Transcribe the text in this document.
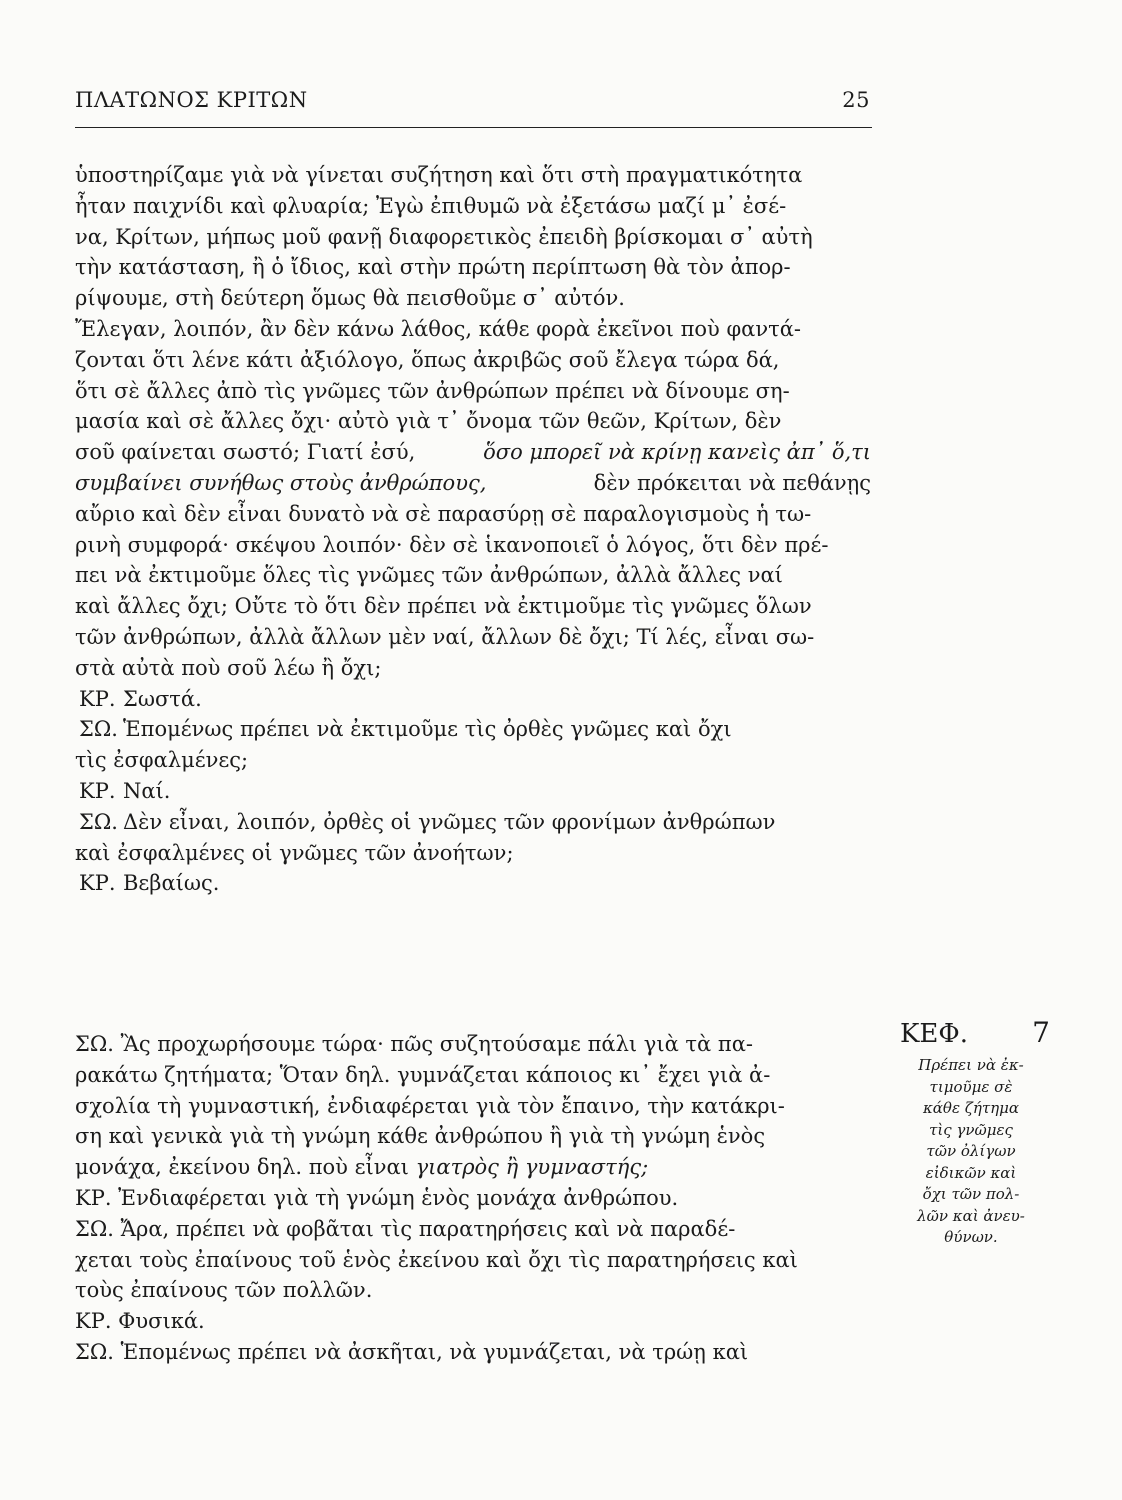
ΠΛΑΤΩΝΟΣ ΚΡΙΤΩΝ	25
ὑποστηρίζαμε γιὰ νὰ γίνεται συζήτηση καὶ ὅτι στὴ πραγματικότητα
ἦταν παιχνίδι καὶ φλυαρία; Ἐγὼ ἐπιθυμῶ νὰ ἐξετάσω μαζί μ᾽ ἐσέ-
να, Κρίτων, μήπως μοῦ φανῇ διαφορετικὸς ἐπειδὴ βρίσκομαι σ᾽ αὐτὴ
τὴν κατάσταση, ἢ ὁ ἴδιος, καὶ στὴν πρώτη περίπτωση θὰ τὸν ἀπορ-
ρίψουμε, στὴ δεύτερη ὅμως θὰ πεισθοῦμε σ᾽ αὐτόν.
Ἔλεγαν, λοιπόν, ἂν δὲν κάνω λάθος, κάθε φορὰ ἐκεῖνοι ποὺ φαντά-
ζονται ὅτι λένε κάτι ἀξιόλογο, ὅπως ἀκριβῶς σοῦ ἔλεγα τώρα δά,
ὅτι σὲ ἄλλες ἀπὸ τὶς γνῶμες τῶν ἀνθρώπων πρέπει νὰ δίνουμε ση-
μασία καὶ σὲ ἄλλες ὄχι· αὐτὸ γιὰ τ᾽ ὄνομα τῶν θεῶν, Κρίτων, δὲν
σοῦ φαίνεται σωστό; Γιατί ἐσύ,	ὅσο μπορεῖ νὰ κρίνῃ κανεὶς ἀπ᾽ ὅ,τι
συμβαίνει συνήθως στοὺς ἀνθρώπους,	δὲν πρόκειται νὰ πεθάνῃς
αὔριο καὶ δὲν εἶναι δυνατὸ νὰ σὲ παρασύρῃ σὲ παραλογισμοὺς ἡ τω-
ρινὴ συμφορά· σκέψου λοιπόν· δὲν σὲ ἱκανοποιεῖ ὁ λόγος, ὅτι δὲν πρέ-
πει νὰ ἐκτιμοῦμε ὅλες τὶς γνῶμες τῶν ἀνθρώπων, ἀλλὰ ἄλλες ναί
καὶ ἄλλες ὄχι; Οὔτε τὸ ὅτι δὲν πρέπει νὰ ἐκτιμοῦμε τὶς γνῶμες ὅλων
τῶν ἀνθρώπων, ἀλλὰ ἄλλων μὲν ναί, ἄλλων δὲ ὄχι; Τί λές, εἶναι σω-
στὰ αὐτὰ ποὺ σοῦ λέω ἢ ὄχι;
ΚΡ. Σωστά.
ΣΩ. Ἑπομένως πρέπει νὰ ἐκτιμοῦμε τὶς ὀρθὲς γνῶμες καὶ ὄχι
τὶς ἐσφαλμένες;
ΚΡ. Ναί.
ΣΩ. Δὲν εἶναι, λοιπόν, ὀρθὲς οἱ γνῶμες τῶν φρονίμων ἀνθρώπων
καὶ ἐσφαλμένες οἱ γνῶμες τῶν ἀνοήτων;
ΚΡ. Βεβαίως.
ΣΩ. Ἂς προχωρήσουμε τώρα· πῶς συζητούσαμε πάλι γιὰ τὰ πα-
ρακάτω ζητήματα; Ὅταν δηλ. γυμνάζεται κάποιος κι᾽ ἔχει γιὰ ἀ-
σχολία τὴ γυμναστική, ἐνδιαφέρεται γιὰ τὸν ἔπαινο, τὴν κατάκρι-
ση καὶ γενικὰ γιὰ τὴ γνώμη κάθε ἀνθρώπου ἢ γιὰ τὴ γνώμη ἑνὸς
μονάχα, ἐκείνου δηλ. ποὺ εἶναι
γιατρὸς ἢ γυμναστής;
ΚΡ. Ἐνδιαφέρεται γιὰ τὴ γνώμη ἑνὸς μονάχα ἀνθρώπου.
ΣΩ. Ἄρα, πρέπει νὰ φοβᾶται τὶς παρατηρήσεις καὶ νὰ παραδέ-
χεται τοὺς ἐπαίνους τοῦ ἑνὸς ἐκείνου καὶ ὄχι τὶς παρατηρήσεις καὶ
τοὺς ἐπαίνους τῶν πολλῶν.
ΚΡ. Φυσικά.
ΣΩ. Ἑπομένως πρέπει νὰ ἀσκῆται, νὰ γυμνάζεται, νὰ τρώῃ καὶ
ΚΕΦ. 7
Πρέπει νὰ ἐκ-
τιμοῦμε σὲ
κάθε ζήτημα
τὶς γνῶμες
τῶν ὀλίγων
εἰδικῶν καὶ
ὄχι τῶν πολ-
λῶν καὶ ἀνευ-
θύνων.
